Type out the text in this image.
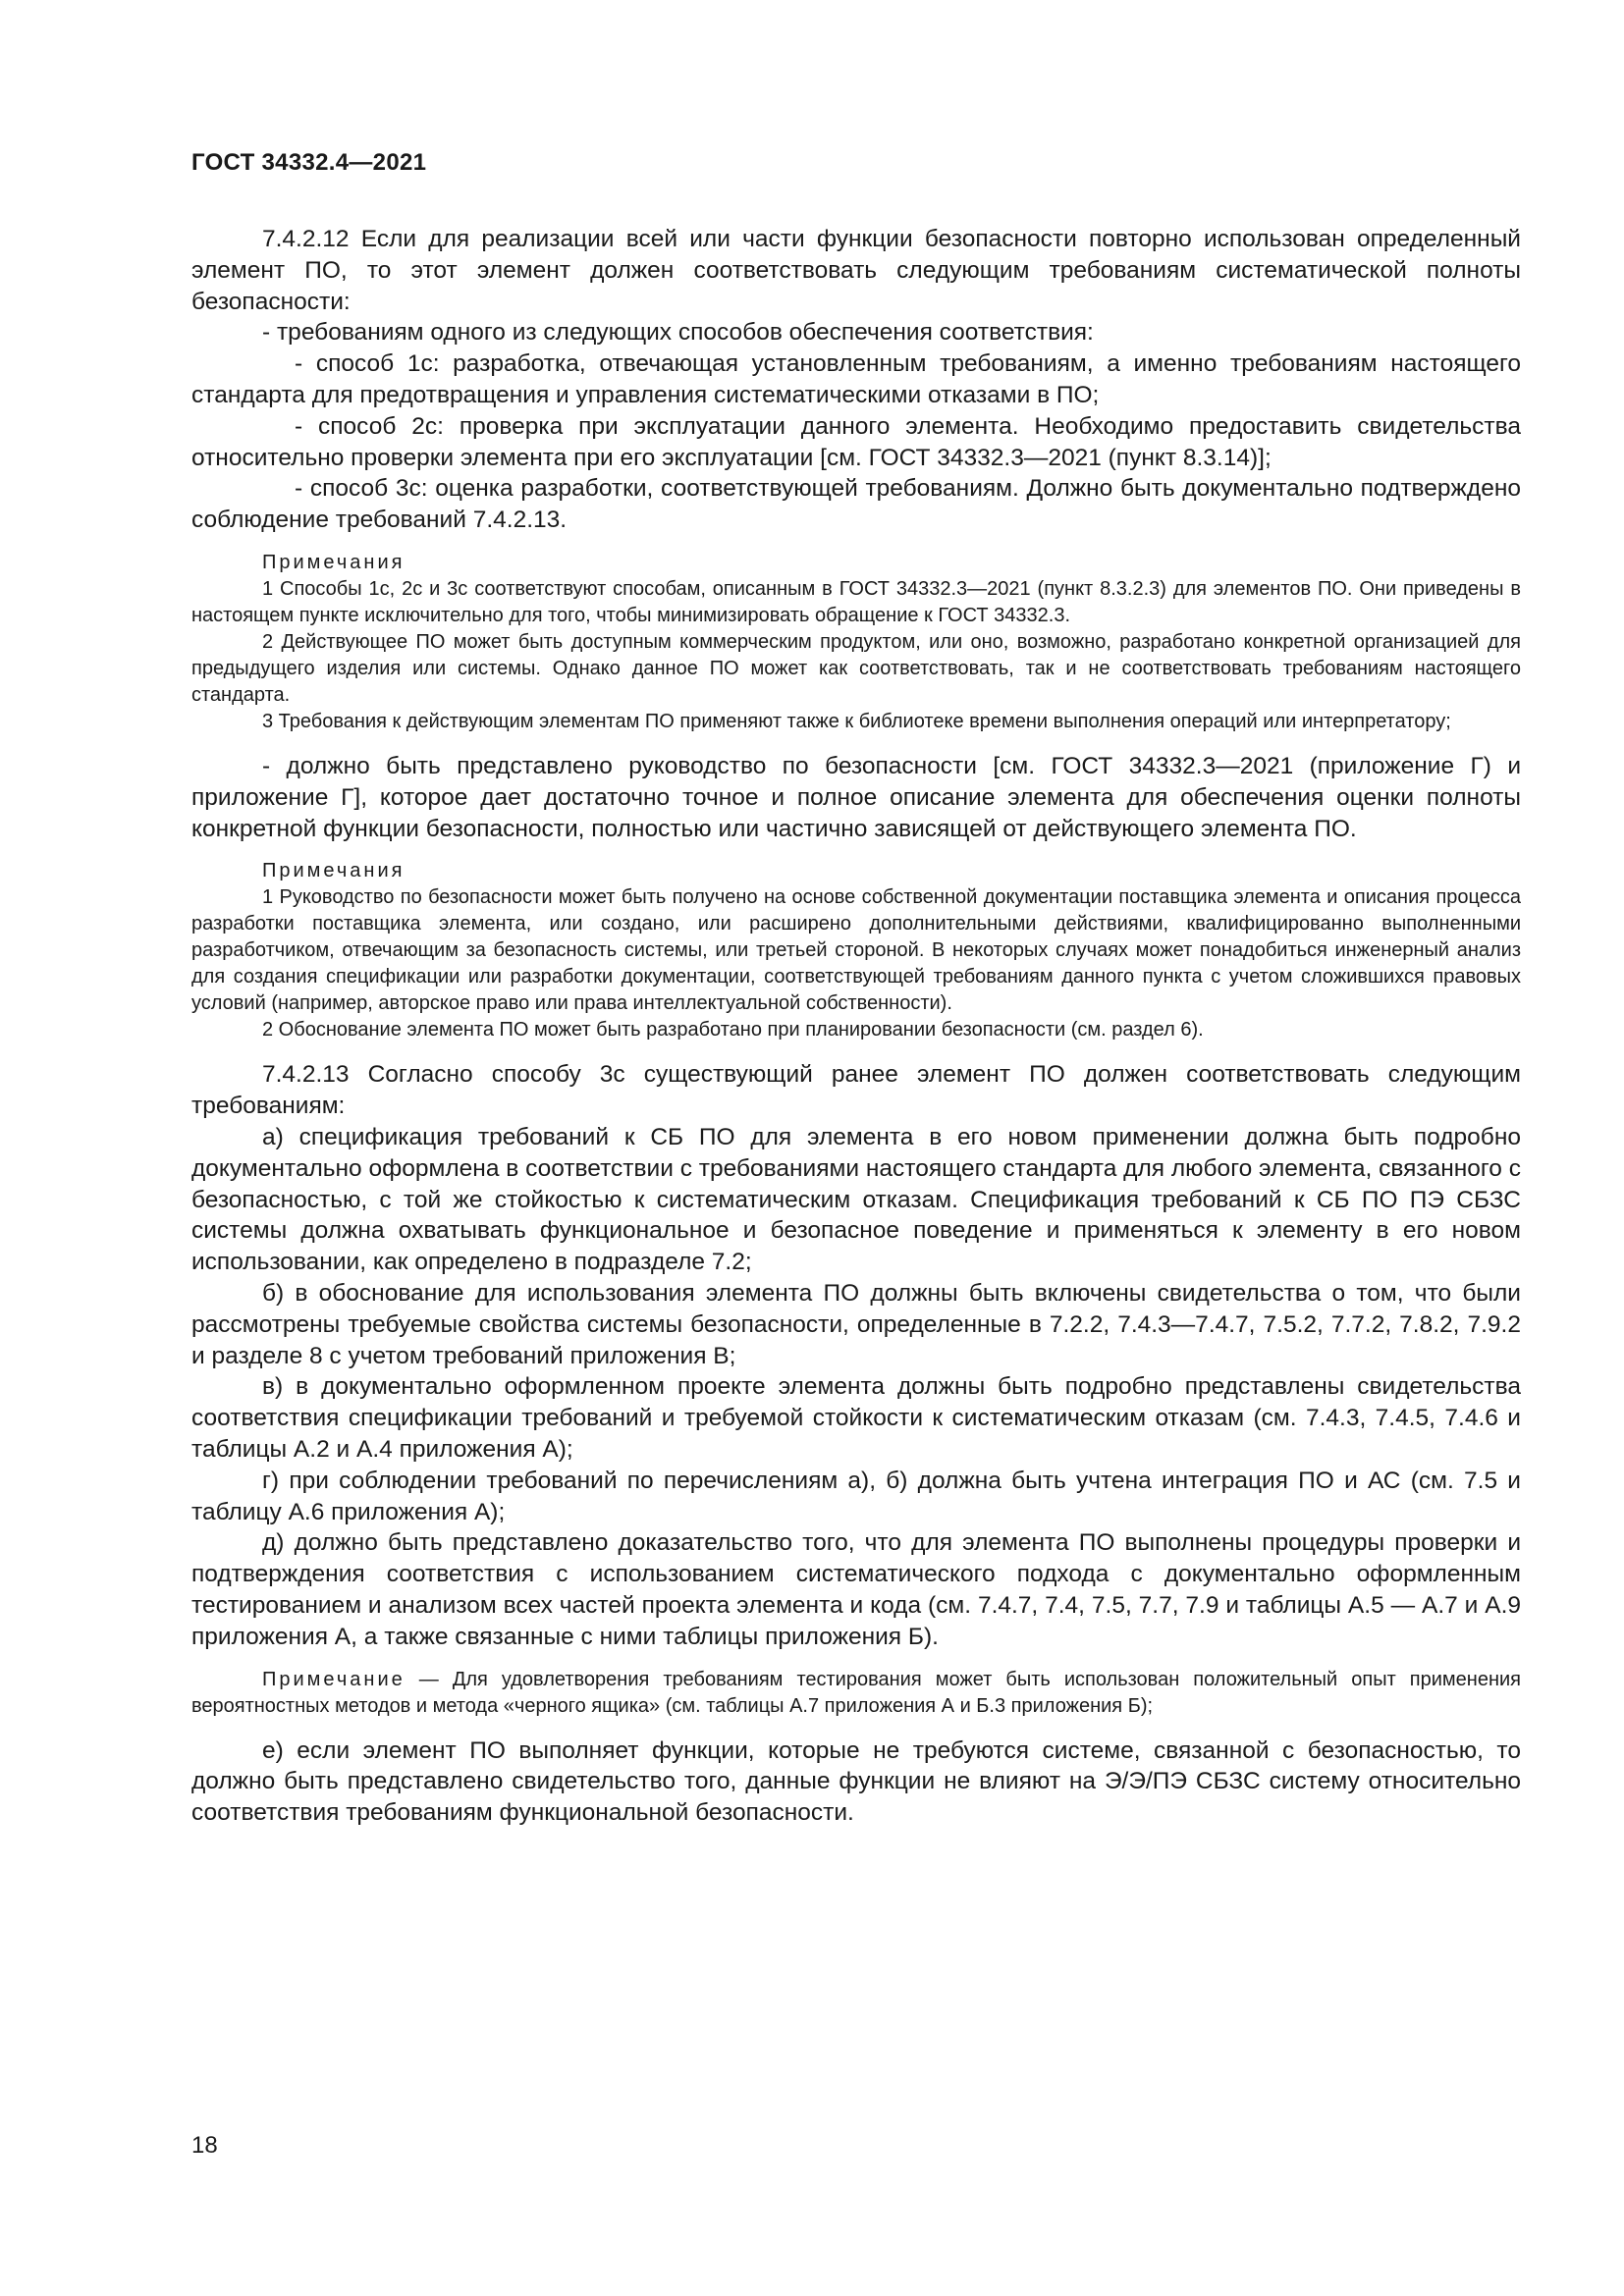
ГОСТ 34332.4—2021

7.4.2.12 Если для реализации всей или части функции безопасности повторно использован определенный элемент ПО, то этот элемент должен соответствовать следующим требованиям систематической полноты безопасности:

- требованиям одного из следующих способов обеспечения соответствия:

- способ 1с: разработка, отвечающая установленным требованиям, а именно требованиям настоящего стандарта для предотвращения и управления систематическими отказами в ПО;

- способ 2с: проверка при эксплуатации данного элемента. Необходимо предоставить свидетельства относительно проверки элемента при его эксплуатации [см. ГОСТ 34332.3—2021 (пункт 8.3.14)];

- способ 3с: оценка разработки, соответствующей требованиям. Должно быть документально подтверждено соблюдение требований 7.4.2.13.

Примечания

1 Способы 1с, 2с и 3с соответствуют способам, описанным в ГОСТ 34332.3—2021 (пункт 8.3.2.3) для элементов ПО. Они приведены в настоящем пункте исключительно для того, чтобы минимизировать обращение к ГОСТ 34332.3.

2 Действующее ПО может быть доступным коммерческим продуктом, или оно, возможно, разработано конкретной организацией для предыдущего изделия или системы. Однако данное ПО может как соответствовать, так и не соответствовать требованиям настоящего стандарта.

3 Требования к действующим элементам ПО применяют также к библиотеке времени выполнения операций или интерпретатору;

- должно быть представлено руководство по безопасности [см. ГОСТ 34332.3—2021 (приложение Г) и приложение Г], которое дает достаточно точное и полное описание элемента для обеспечения оценки полноты конкретной функции безопасности, полностью или частично зависящей от действующего элемента ПО.

Примечания

1 Руководство по безопасности может быть получено на основе собственной документации поставщика элемента и описания процесса разработки поставщика элемента, или создано, или расширено дополнительными действиями, квалифицированно выполненными разработчиком, отвечающим за безопасность системы, или третьей стороной. В некоторых случаях может понадобиться инженерный анализ для создания спецификации или разработки документации, соответствующей требованиям данного пункта с учетом сложившихся правовых условий (например, авторское право или права интеллектуальной собственности).

2 Обоснование элемента ПО может быть разработано при планировании безопасности (см. раздел 6).

7.4.2.13 Согласно способу 3с существующий ранее элемент ПО должен соответствовать следующим требованиям:

а) спецификация требований к СБ ПО для элемента в его новом применении должна быть подробно документально оформлена в соответствии с требованиями настоящего стандарта для любого элемента, связанного с безопасностью, с той же стойкостью к систематическим отказам. Спецификация требований к СБ ПО ПЭ СБЗС системы должна охватывать функциональное и безопасное поведение и применяться к элементу в его новом использовании, как определено в подразделе 7.2;

б) в обоснование для использования элемента ПО должны быть включены свидетельства о том, что были рассмотрены требуемые свойства системы безопасности, определенные в 7.2.2, 7.4.3—7.4.7, 7.5.2, 7.7.2, 7.8.2, 7.9.2 и разделе 8 с учетом требований приложения В;

в) в документально оформленном проекте элемента должны быть подробно представлены свидетельства соответствия спецификации требований и требуемой стойкости к систематическим отказам (см. 7.4.3, 7.4.5, 7.4.6 и таблицы А.2 и А.4 приложения А);

г) при соблюдении требований по перечислениям а), б) должна быть учтена интеграция ПО и АС (см. 7.5 и таблицу А.6 приложения А);

д) должно быть представлено доказательство того, что для элемента ПО выполнены процедуры проверки и подтверждения соответствия с использованием систематического подхода с документально оформленным тестированием и анализом всех частей проекта элемента и кода (см. 7.4.7, 7.4, 7.5, 7.7, 7.9 и таблицы А.5 — А.7 и А.9 приложения А, а также связанные с ними таблицы приложения Б).

Примечание — Для удовлетворения требованиям тестирования может быть использован положительный опыт применения вероятностных методов и метода «черного ящика» (см. таблицы А.7 приложения А и Б.3 приложения Б);

е) если элемент ПО выполняет функции, которые не требуются системе, связанной с безопасностью, то должно быть представлено свидетельство того, данные функции не влияют на Э/Э/ПЭ СБЗС систему относительно соответствия требованиям функциональной безопасности.

18
